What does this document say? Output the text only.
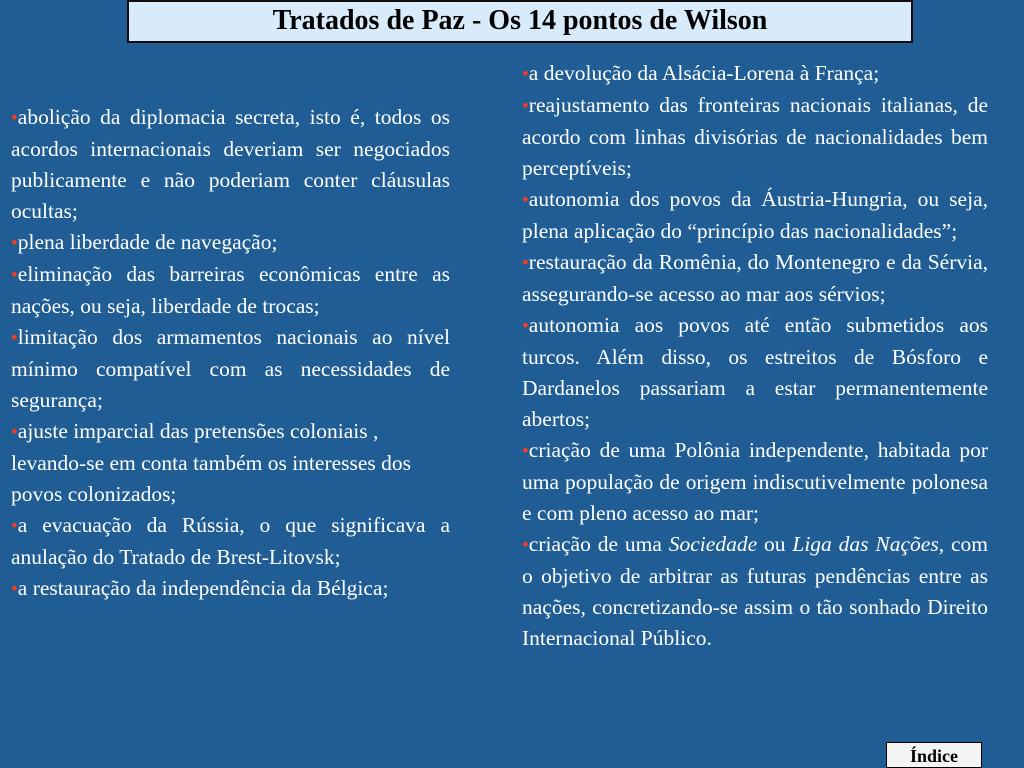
Tratados de Paz - Os 14 pontos de Wilson

•abolição da diplomacia secreta, isto é, todos os acordos internacionais deveriam ser negociados publicamente e não poderiam conter cláusulas ocultas;

•plena liberdade de navegação;

•eliminação das barreiras econômicas entre as nações, ou seja, liberdade de trocas;

•limitação dos armamentos nacionais ao nível mínimo compatível com as necessidades de segurança;

•ajuste imparcial das pretensões coloniais , levando-se em conta também os interesses dos povos colonizados;

•a evacuação da Rússia, o que significava a anulação do Tratado de Brest-Litovsk;

•a restauração da independência da Bélgica;

•a devolução da Alsácia-Lorena à França;

•reajustamento das fronteiras nacionais italianas, de acordo com linhas divisórias de nacionalidades bem perceptíveis;

•autonomia dos povos da Áustria-Hungria, ou seja, plena aplicação do “princípio das nacionalidades”;

•restauração da Romênia, do Montenegro e da Sérvia, assegurando-se acesso ao mar aos sérvios;

•autonomia aos povos até então submetidos aos turcos. Além disso, os estreitos de Bósforo e Dardanelos passariam a estar permanentemente abertos;

•criação de uma Polônia independente, habitada por uma população de origem indiscutivelmente polonesa e com pleno acesso ao mar;

•criação de uma Sociedade ou Liga das Nações, com o objetivo de arbitrar as futuras pendências entre as nações, concretizando-se assim o tão sonhado Direito Internacional Público.

Índice
